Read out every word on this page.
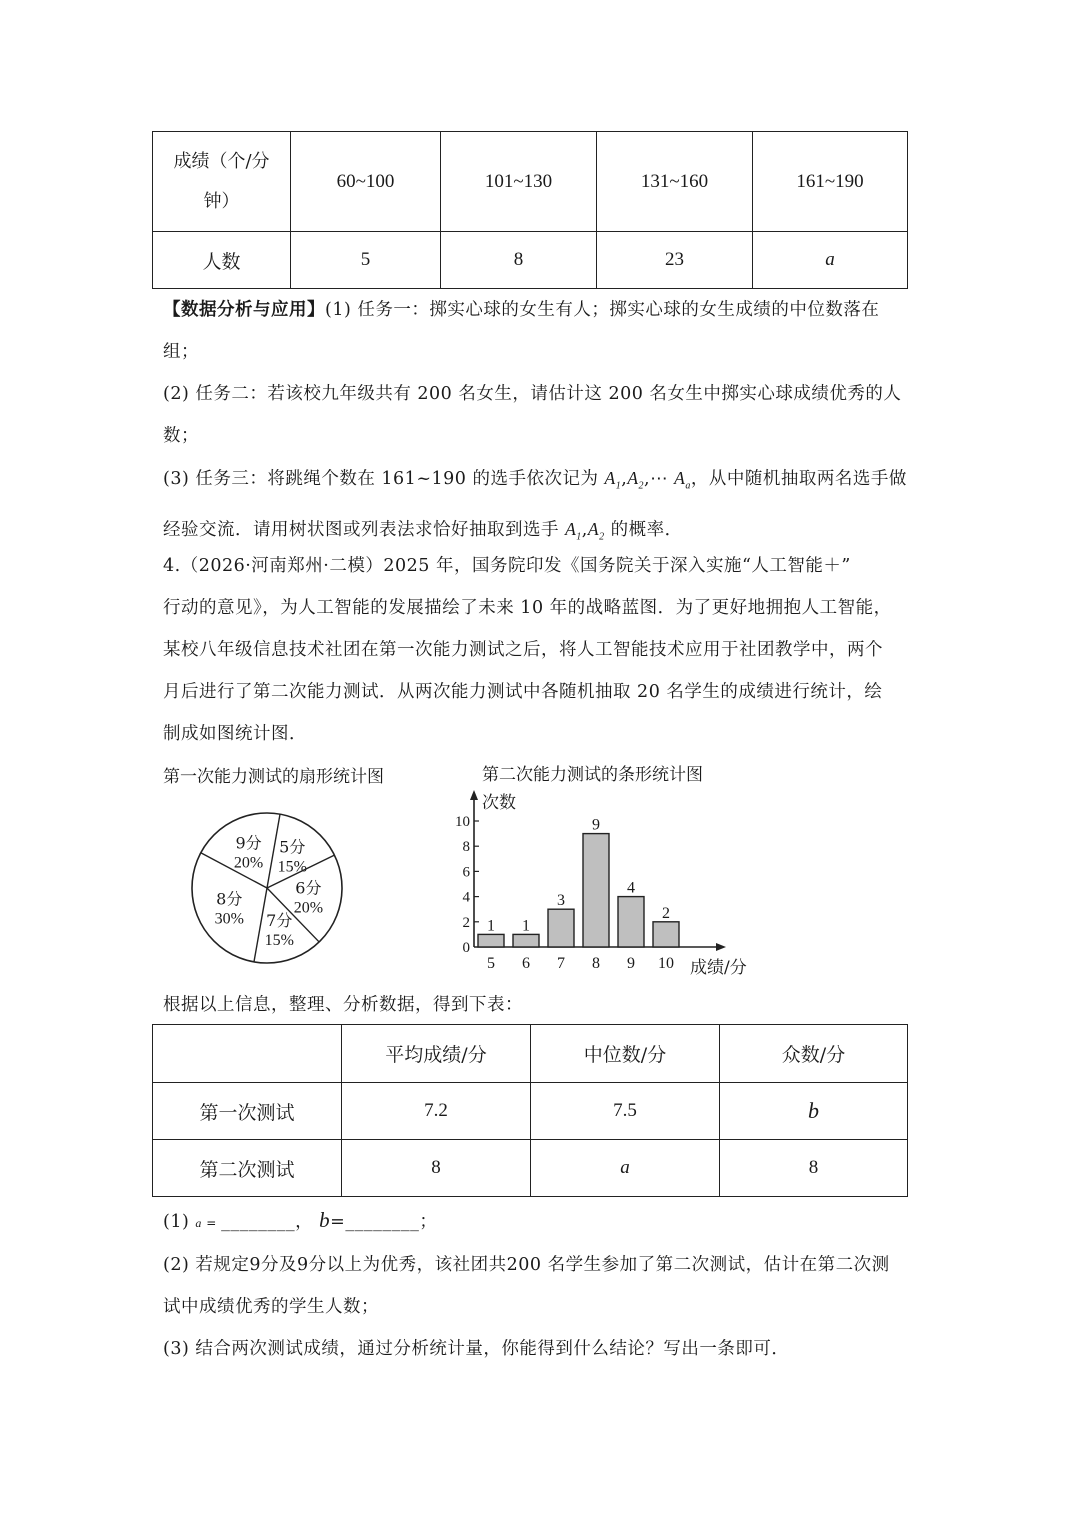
成绩（个/分
钟）	60~100	101~130	131~160	161~190
人数	5	8	23	a

【数据分析与应用】(1) 任务一：掷实心球的女生有人；掷实心球的女生成绩的中位数落在

组；

(2) 任务二：若该校九年级共有 200 名女生，请估计这 200 名女生中掷实心球成绩优秀的人

数；

(3) 任务三：将跳绳个数在 161~190 的选手依次记为 $A_1,A_2,\cdots$ $A_a$，从中随机抽取两名选手做

经验交流．请用树状图或列表法求恰好抽取到选手 $A_1,A_2$ 的概率．

4.（2026·河南郑州·二模）2025 年，国务院印发《国务院关于深入实施“人工智能＋”

行动的意见》，为人工智能的发展描绘了未来 10 年的战略蓝图．为了更好地拥抱人工智能，

某校八年级信息技术社团在第一次能力测试之后，将人工智能技术应用于社团教学中，两个

月后进行了第二次能力测试．从两次能力测试中各随机抽取 20 名学生的成绩进行统计，绘

制成如图统计图．

第一次能力测试的扇形统计图	第二次能力测试的条形统计图
5分
15%
6分
20%
7分
15%
8分
30%
9分
20%
次数
0
2
4
6
8
10
1
5
1
6
3
7
9
8
4
9
2
10 成绩/分
根据以上信息，整理、分析数据，得到下表：
	平均成绩/分	中位数/分	众数/分
第一次测试	7.2	7.5	b
第二次测试	8	a	8

(1) a = ________， b=________；

(2) 若规定9分及9分以上为优秀，该社团共200 名学生参加了第二次测试，估计在第二次测

试中成绩优秀的学生人数；

(3) 结合两次测试成绩，通过分析统计量，你能得到什么结论？写出一条即可．
